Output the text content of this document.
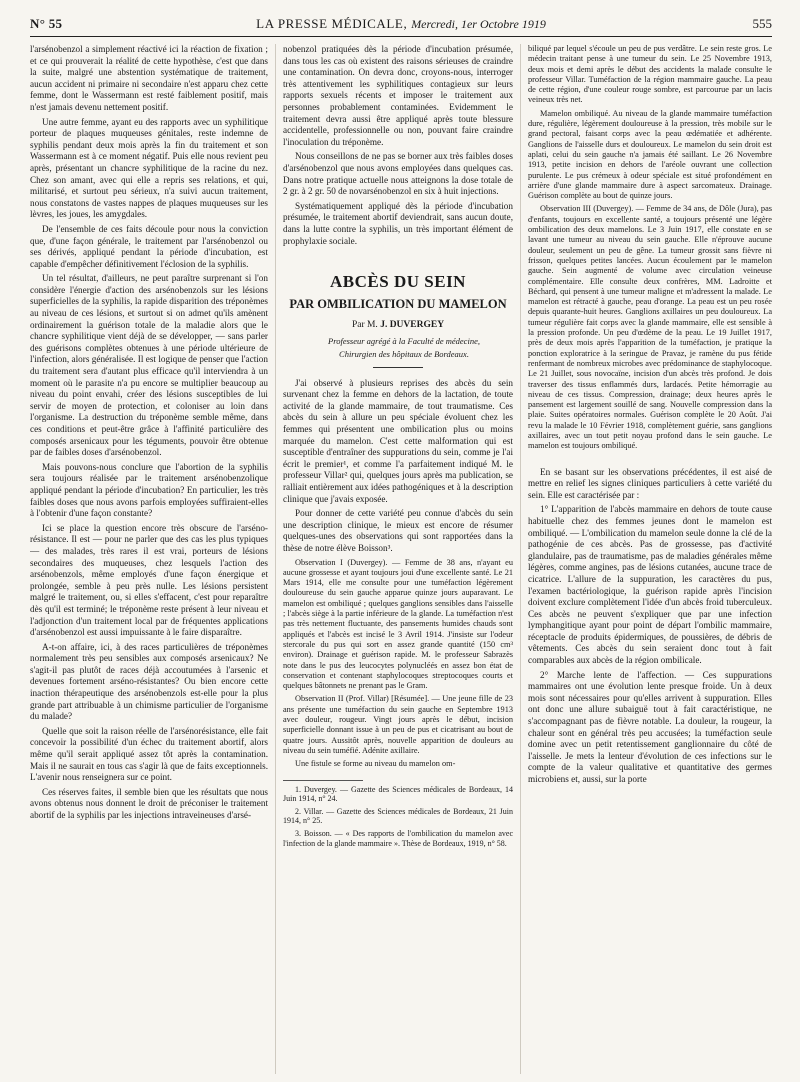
N° 55	LA PRESSE MÉDICALE, Mercredi, 1er Octobre 1919	555

l'arsénobenzol a simplement réactivé ici la réaction de fixation ; et ce qui prouverait la réalité de cette hypothèse, c'est que dans la suite, malgré une abstention systématique de traitement, aucun accident ni primaire ni secondaire n'est apparu chez cette femme, dont le Wassermann est resté faiblement positif, mais n'est jamais devenu nettement positif.

Une autre femme, ayant eu des rapports avec un syphilitique porteur de plaques muqueuses génitales, reste indemne de syphilis pendant deux mois après la fin du traitement et son Wassermann est à ce moment négatif. Puis elle nous revient peu après, présentant un chancre syphilitique de la racine du nez. Chez son amant, avec qui elle a repris ses relations, et qui, militarisé, et surtout peu sérieux, n'a suivi aucun traitement, nous constatons de vastes nappes de plaques muqueuses sur les lèvres, les joues, les amygdales.

De l'ensemble de ces faits découle pour nous la conviction que, d'une façon générale, le traitement par l'arsénobenzol ou ses dérivés, appliqué pendant la période d'incubation, est capable d'empêcher définitivement l'éclosion de la syphilis.

Un tel résultat, d'ailleurs, ne peut paraître surprenant si l'on considère l'énergie d'action des arsénobenzols sur les lésions superficielles de la syphilis, la rapide disparition des tréponèmes au niveau de ces lésions, et surtout si on admet qu'ils amènent ordinairement la guérison totale de la maladie alors que le chancre syphilitique vient déjà de se développer, — sans parler des guérisons complètes obtenues à une période ultérieure de l'infection, alors généralisée. Il est logique de penser que l'action du traitement sera d'autant plus efficace qu'il interviendra à un moment où le parasite n'a pu encore se multiplier beaucoup au niveau du point envahi, créer des lésions susceptibles de lui servir de moyen de protection, et coloniser au loin dans l'organisme. La destruction du tréponème semble même, dans ces conditions et peut-être grâce à l'affinité particulière des composés arsenicaux pour les téguments, pouvoir être obtenue par de faibles doses d'arsénobenzol.

Mais pouvons-nous conclure que l'abortion de la syphilis sera toujours réalisée par le traitement arsénobenzolique appliqué pendant la période d'incubation? En particulier, les très faibles doses que nous avons parfois employées suffiraient-elles à l'obtenir d'une façon constante?

Ici se place la question encore très obscure de l'arséno-résistance. Il est — pour ne parler que des cas les plus typiques — des malades, très rares il est vrai, porteurs de lésions secondaires des muqueuses, chez lesquels l'action des arsénobenzols, même employés d'une façon énergique et prolongée, semble à peu près nulle. Les lésions persistent malgré le traitement, ou, si elles s'effacent, c'est pour reparaître dès qu'il est terminé; le tréponème reste présent à leur niveau et l'adjonction d'un traitement local par de fréquentes applications d'arsénobenzol est aussi impuissante à le faire disparaître.

A-t-on affaire, ici, à des races particulières de tréponèmes normalement très peu sensibles aux composés arsenicaux? Ne s'agit-il pas plutôt de races déjà accoutumées à l'arsenic et devenues fortement arséno-résistantes? Ou bien encore cette inaction thérapeutique des arsénobenzols est-elle pour la plus grande part attribuable à un chimisme particulier de l'organisme du malade?

Quelle que soit la raison réelle de l'arsénorésistance, elle fait concevoir la possibilité d'un échec du traitement abortif, alors même qu'il serait appliqué assez tôt après la contamination. Mais il ne saurait en tous cas s'agir là que de faits exceptionnels. L'avenir nous renseignera sur ce point.

Ces réserves faites, il semble bien que les résultats que nous avons obtenus nous donnent le droit de préconiser le traitement abortif de la syphilis par les injections intraveineuses d'arsé-

nobenzol pratiquées dès la période d'incubation présumée, dans tous les cas où existent des raisons sérieuses de craindre une contamination. On devra donc, croyons-nous, interroger très attentivement les syphilitiques contagieux sur leurs rapports sexuels récents et imposer le traitement aux personnes probablement contaminées. Evidemment le traitement devra aussi être appliqué après toute blessure accidentelle, professionnelle ou non, pouvant faire craindre l'inoculation du tréponème.

Nous conseillons de ne pas se borner aux très faibles doses d'arsénobenzol que nous avons employées dans quelques cas. Dans notre pratique actuelle nous atteignons la dose totale de 2 gr. à 2 gr. 50 de novarsénobenzol en six à huit injections.

Systématiquement appliqué dès la période d'incubation présumée, le traitement abortif deviendrait, sans aucun doute, dans la lutte contre la syphilis, un très important élément de prophylaxie sociale.

ABCÈS DU SEIN
PAR OMBILICATION DU MAMELON
Par M. J. DUVERGEY

Professeur agrégé à la Faculté de médecine,

Chirurgien des hôpitaux de Bordeaux.

J'ai observé à plusieurs reprises des abcès du sein survenant chez la femme en dehors de la lactation, de toute activité de la glande mammaire, de tout traumatisme. Ces abcès du sein à allure un peu spéciale évoluent chez les femmes qui présentent une ombilication plus ou moins marquée du mamelon. C'est cette malformation qui est susceptible d'entraîner des suppurations du sein, comme je l'ai écrit le premier¹, et comme l'a parfaitement indiqué M. le professeur Villar² qui, quelques jours après ma publication, se ralliait entièrement aux idées pathogéniques et à la description clinique que j'avais exposée.

Pour donner de cette variété peu connue d'abcès du sein une description clinique, le mieux est encore de résumer quelques-unes des observations qui sont rapportées dans la thèse de notre élève Boisson³.

Observation I (Duvergey). — Femme de 38 ans, n'ayant eu aucune grossesse et ayant toujours joui d'une excellente santé. Le 21 Mars 1914, elle me consulte pour une tuméfaction légèrement douloureuse du sein gauche apparue quinze jours auparavant. Le mamelon est ombiliqué ; quelques ganglions sensibles dans l'aisselle ; l'abcès siège à la partie inférieure de la glande. La tuméfaction n'est pas très nettement fluctuante, des pansements humides chauds sont appliqués et l'abcès est incisé le 3 Avril 1914. J'insiste sur l'odeur stercorale du pus qui sort en assez grande quantité (150 cm³ environ). Drainage et guérison rapide. M. le professeur Sabrazès note dans le pus des leucocytes polynucléés en assez bon état de conservation et contenant staphylocoques streptocoques courts et quelques bâtonnets ne prenant pas le Gram.

Observation II (Prof. Villar) [Résumée]. — Une jeune fille de 23 ans présente une tuméfaction du sein gauche en Septembre 1913 avec douleur, rougeur. Vingt jours après le début, incision superficielle donnant issue à un peu de pus et cicatrisant au bout de quatre jours. Aussitôt après, nouvelle apparition de douleurs au niveau du sein tuméfié. Adénite axillaire.

Une fistule se forme au niveau du mamelon om-

1. Duvergey. — Gazette des Sciences médicales de Bordeaux, 14 Juin 1914, n° 24.

2. Villar. — Gazette des Sciences médicales de Bordeaux, 21 Juin 1914, n° 25.

3. Boisson. — « Des rapports de l'ombilication du mamelon avec l'infection de la glande mammaire ». Thèse de Bordeaux, 1919, n° 58.

biliqué par lequel s'écoule un peu de pus verdâtre. Le sein reste gros. Le médecin traitant pense à une tumeur du sein. Le 25 Novembre 1913, deux mois et demi après le début des accidents la malade consulte le professeur Villar. Tuméfaction de la région mammaire gauche. La peau de cette région, d'une couleur rouge sombre, est parcourue par un lacis veineux très net.

Mamelon ombiliqué. Au niveau de la glande mammaire tuméfaction dure, régulière, légèrement douloureuse à la pression, très mobile sur le grand pectoral, faisant corps avec la peau œdématiée et adhérente. Ganglions de l'aisselle durs et douloureux. Le mamelon du sein droit est aplati, celui du sein gauche n'a jamais été saillant. Le 26 Novembre 1913, petite incision en dehors de l'aréole ouvrant une collection purulente. Le pus crémeux à odeur spéciale est situé profondément en arrière d'une glande mammaire dure à aspect sarcomateux. Drainage. Guérison complète au bout de quinze jours.

Observation III (Duvergey). — Femme de 34 ans, de Dôle (Jura), pas d'enfants, toujours en excellente santé, a toujours présenté une légère ombilication des deux mamelons. Le 3 Juin 1917, elle constate en se lavant une tumeur au niveau du sein gauche. Elle n'éprouve aucune douleur, seulement un peu de gêne. La tumeur grossit sans fièvre ni frisson, quelques petites lancées. Aucun écoulement par le mamelon gauche. Sein augmenté de volume avec circulation veineuse complémentaire. Elle consulte deux confrères, MM. Ladroitte et Béchard, qui pensent à une tumeur maligne et m'adressent la malade. Le mamelon est rétracté à gauche, peau d'orange. La peau est un peu rosée depuis quarante-huit heures. Ganglions axillaires un peu douloureux. La tumeur régulière fait corps avec la glande mammaire, elle est sensible à la pression profonde. Un peu d'œdème de la peau. Le 19 Juillet 1917, près de deux mois après l'apparition de la tuméfaction, je pratique la ponction exploratrice à la seringue de Pravaz, je ramène du pus fétide renfermant de nombreux microbes avec prédominance de staphylocoque. Le 21 Juillet, sous novocaïne, incision d'un abcès très profond. Je dois traverser des tissus enflammés durs, lardacés. Petite hémorragie au niveau de ces tissus. Compression, drainage; deux heures après le pansement est largement souillé de sang. Nouvelle compression dans la plaie. Suites opératoires normales. Guérison complète le 20 Août. J'ai revu la malade le 10 Février 1918, complètement guérie, sans ganglions axillaires, avec un tout petit noyau profond dans le sein gauche. Le mamelon est toujours ombiliqué.

En se basant sur les observations précédentes, il est aisé de mettre en relief les signes cliniques particuliers à cette variété du sein. Elle est caractérisée par :

1° L'apparition de l'abcès mammaire en dehors de toute cause habituelle chez des femmes jeunes dont le mamelon est ombiliqué. — L'ombilication du mamelon seule donne la clé de la pathogénie de ces abcès. Pas de grossesse, pas d'activité glandulaire, pas de traumatisme, pas de maladies générales même légères, comme angines, pas de lésions cutanées, aucune trace de cicatrice. L'allure de la suppuration, les caractères du pus, l'examen bactériologique, la guérison rapide après l'incision doivent exclure complètement l'idée d'un abcès froid tuberculeux. Ces abcès ne peuvent s'expliquer que par une infection lymphangitique ayant pour point de départ l'ombilic mammaire, réceptacle de produits épidermiques, de poussières, de débris de vêtements. Ces abcès du sein seraient donc tout à fait comparables aux abcès de la région ombilicale.

2° Marche lente de l'affection. — Ces suppurations mammaires ont une évolution lente presque froide. Un à deux mois sont nécessaires pour qu'elles arrivent à suppuration. Elles ont donc une allure subaiguë tout à fait caractéristique, ne s'accompagnant pas de fièvre notable. La douleur, la rougeur, la chaleur sont en général très peu accusées; la tuméfaction seule domine avec un petit retentissement ganglionnaire du côté de l'aisselle. Je mets la lenteur d'évolution de ces infections sur le compte de la valeur qualitative et quantitative des germes microbiens et, aussi, sur la porte
